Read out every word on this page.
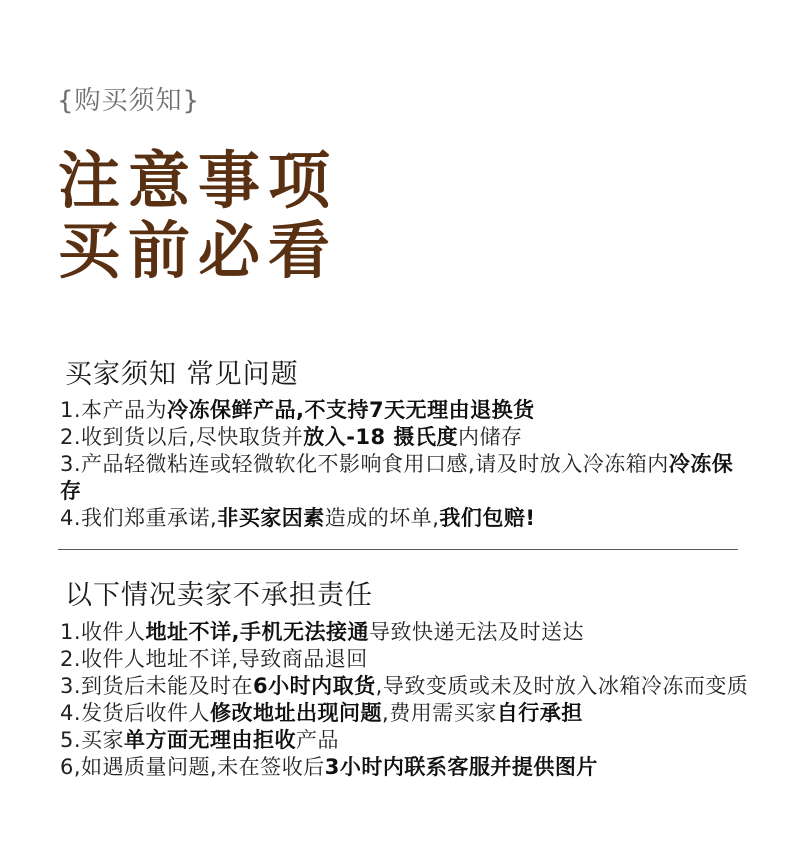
{购买须知}
注意事项
买前必看
买家须知 常见问题
1.本产品为冷冻保鲜产品,不支持7天无理由退换货
2.收到货以后,尽快取货并放入-18 摄氏度内储存
3.产品轻微粘连或轻微软化不影响食用口感,请及时放入冷冻箱内冷冻保存
4.我们郑重承诺,非买家因素造成的坏单,我们包赔!
以下情况卖家不承担责任
1.收件人地址不详,手机无法接通导致快递无法及时送达
2.收件人地址不详,导致商品退回
3.到货后未能及时在6小时内取货,导致变质或未及时放入冰箱冷冻而变质
4.发货后收件人修改地址出现问题,费用需买家自行承担
5.买家单方面无理由拒收产品
6,如遇质量问题,未在签收后3小时内联系客服并提供图片
